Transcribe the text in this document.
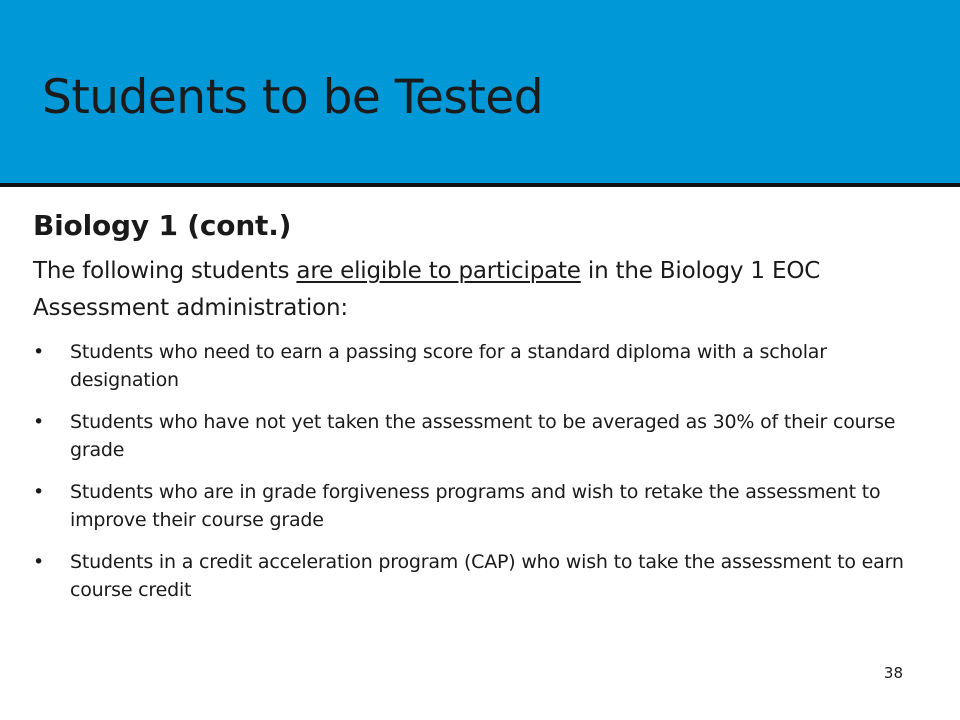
Students to be Tested
Biology 1 (cont.)

The following students are eligible to participate in the Biology 1 EOC Assessment administration:

• Students who need to earn a passing score for a standard diploma with a scholar designation
• Students who have not yet taken the assessment to be averaged as 30% of their course grade
• Students who are in grade forgiveness programs and wish to retake the assessment to improve their course grade
• Students in a credit acceleration program (CAP) who wish to take the assessment to earn course credit
38
